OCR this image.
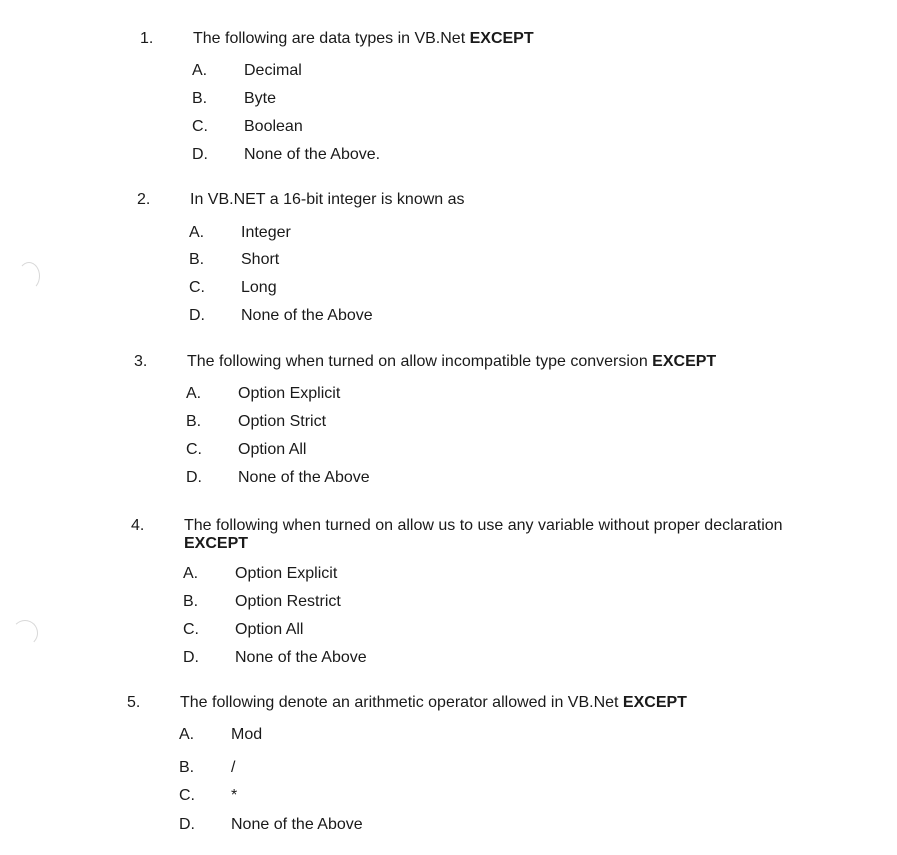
1.	The following are data types in VB.Net EXCEPT
A. Decimal
B. Byte
C. Boolean
D. None of the Above.
2.	In VB.NET a 16-bit integer is known as
A. Integer
B. Short
C. Long
D. None of the Above
3.	The following when turned on allow incompatible type conversion EXCEPT
A. Option Explicit
B. Option Strict
C. Option All
D. None of the Above
4.	The following when turned on allow us to use any variable without proper declaration EXCEPT
A. Option Explicit
B. Option Restrict
C. Option All
D. None of the Above
5.	The following denote an arithmetic operator allowed in VB.Net EXCEPT
A. Mod
B. /
C. *
D. None of the Above
